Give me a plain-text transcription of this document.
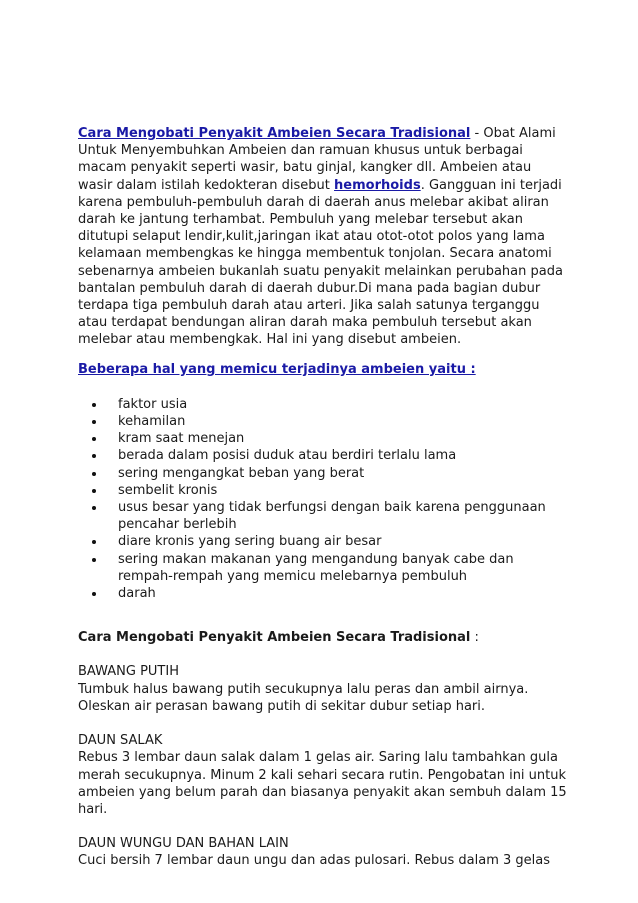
Cara Mengobati Penyakit Ambeien Secara Tradisional - Obat Alami Untuk Menyembuhkan Ambeien dan ramuan khusus untuk berbagai macam penyakit seperti wasir, batu ginjal, kangker dll. Ambeien atau wasir dalam istilah kedokteran disebut hemorhoids. Gangguan ini terjadi karena pembuluh-pembuluh darah di daerah anus melebar akibat aliran darah ke jantung terhambat. Pembuluh yang melebar tersebut akan ditutupi selaput lendir,kulit,jaringan ikat atau otot-otot polos yang lama kelamaan membengkas ke hingga membentuk tonjolan. Secara anatomi sebenarnya ambeien bukanlah suatu penyakit melainkan perubahan pada bantalan pembuluh darah di daerah dubur.Di mana pada bagian dubur terdapa tiga pembuluh darah atau arteri. Jika salah satunya terganggu atau terdapat bendungan aliran darah maka pembuluh tersebut akan melebar atau membengkak. Hal ini yang disebut ambeien.

Beberapa hal yang memicu terjadinya ambeien yaitu :

faktor usia
kehamilan
kram saat menejan
berada dalam posisi duduk atau berdiri terlalu lama
sering mengangkat beban yang berat
sembelit kronis
usus besar yang tidak berfungsi dengan baik karena penggunaan pencahar berlebih
diare kronis yang sering buang air besar
sering makan makanan yang mengandung banyak cabe dan rempah-rempah yang memicu melebarnya pembuluh
darah

Cara Mengobati Penyakit Ambeien Secara Tradisional :

BAWANG PUTIH

Tumbuk halus bawang putih secukupnya lalu peras dan ambil airnya. Oleskan air perasan bawang putih di sekitar dubur setiap hari.

DAUN SALAK

Rebus 3 lembar daun salak dalam 1 gelas air. Saring lalu tambahkan gula merah secukupnya. Minum 2 kali sehari secara rutin. Pengobatan ini untuk ambeien yang belum parah dan biasanya penyakit akan sembuh dalam 15 hari.

DAUN WUNGU DAN BAHAN LAIN

Cuci bersih 7 lembar daun ungu dan adas pulosari. Rebus dalam 3 gelas
